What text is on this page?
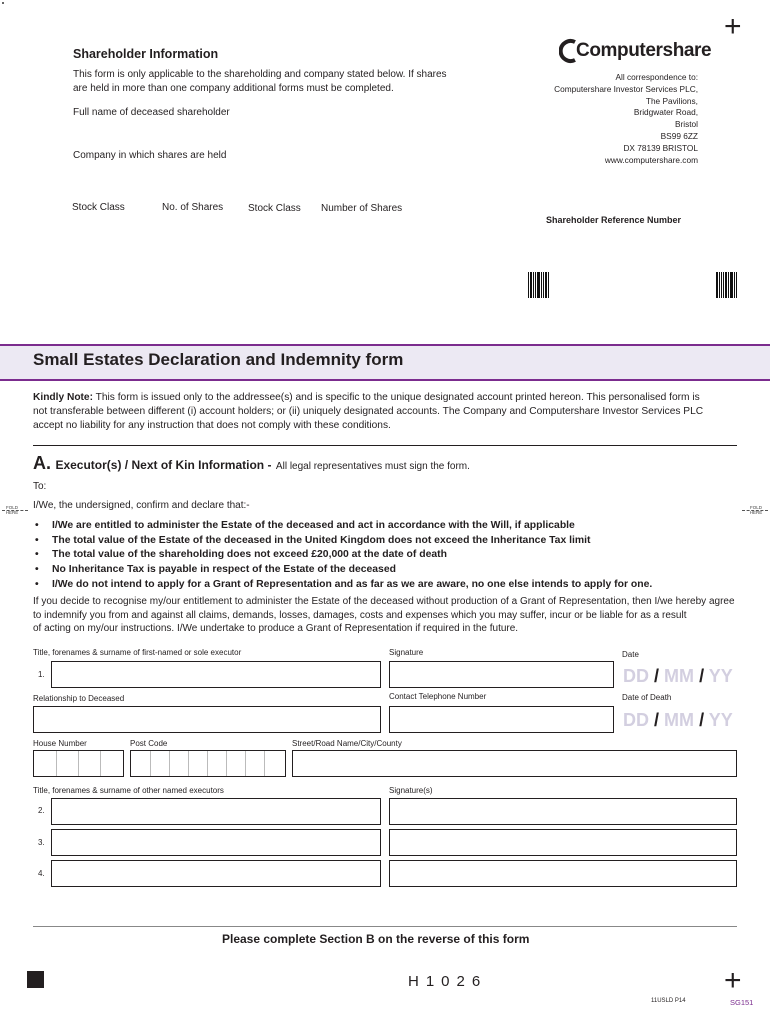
+
Shareholder Information
This form is only applicable to the shareholding and company stated below. If shares
are held in more than one company additional forms must be completed.
Full name of deceased shareholder
Company in which shares are held
Stock Class	No. of Shares Stock Class Number of Shares
Computershare
All correspondence to:
Computershare Investor Services PLC,
The Pavilions,
Bridgwater Road,
Bristol
BS99 6ZZ
DX 78139 BRISTOL
www.computershare.com
Shareholder Reference Number
Small Estates Declaration and Indemnity form
Kindly Note: This form is issued only to the addressee(s) and is specific to the unique designated account printed hereon. This personalised form is
not transferable between different (i) account holders; or (ii) uniquely designated accounts. The Company and Computershare Investor Services PLC
accept no liability for any instruction that does not comply with these conditions.
A. Executor(s) / Next of Kin Information - All legal representatives must sign the form.
To:
I/We, the undersigned, confirm and declare that:-
FOLD HERE
FOLD HERE
• I/We are entitled to administer the Estate of the deceased and act in accordance with the Will, if applicable
• The total value of the Estate of the deceased in the United Kingdom does not exceed the Inheritance Tax limit
• The total value of the shareholding does not exceed £20,000 at the date of death
• No Inheritance Tax is payable in respect of the Estate of the deceased
• I/We do not intend to apply for a Grant of Representation and as far as we are aware, no one else intends to apply for one.
If you decide to recognise my/our entitlement to administer the Estate of the deceased without production of a Grant of Representation, then I/we hereby agree
to indemnify you from and against all claims, demands, losses, damages, costs and expenses which you may suffer, incur or be liable for as a result
of acting on my/our instructions. I/We undertake to produce a Grant of Representation if required in the future.
Title, forenames & surname of first-named or sole executor	Signature	Date
1.	DD / MM / YY
Relationship to Deceased	Contact Telephone Number	Date of Death
DD / MM / YY
House Number	Post Code	Street/Road Name/City/County
Title, forenames & surname of other named executors	Signature(s)
2.
3.
4.
Please complete Section B on the reverse of this form
H1026	+
11USLD P14	SG151
